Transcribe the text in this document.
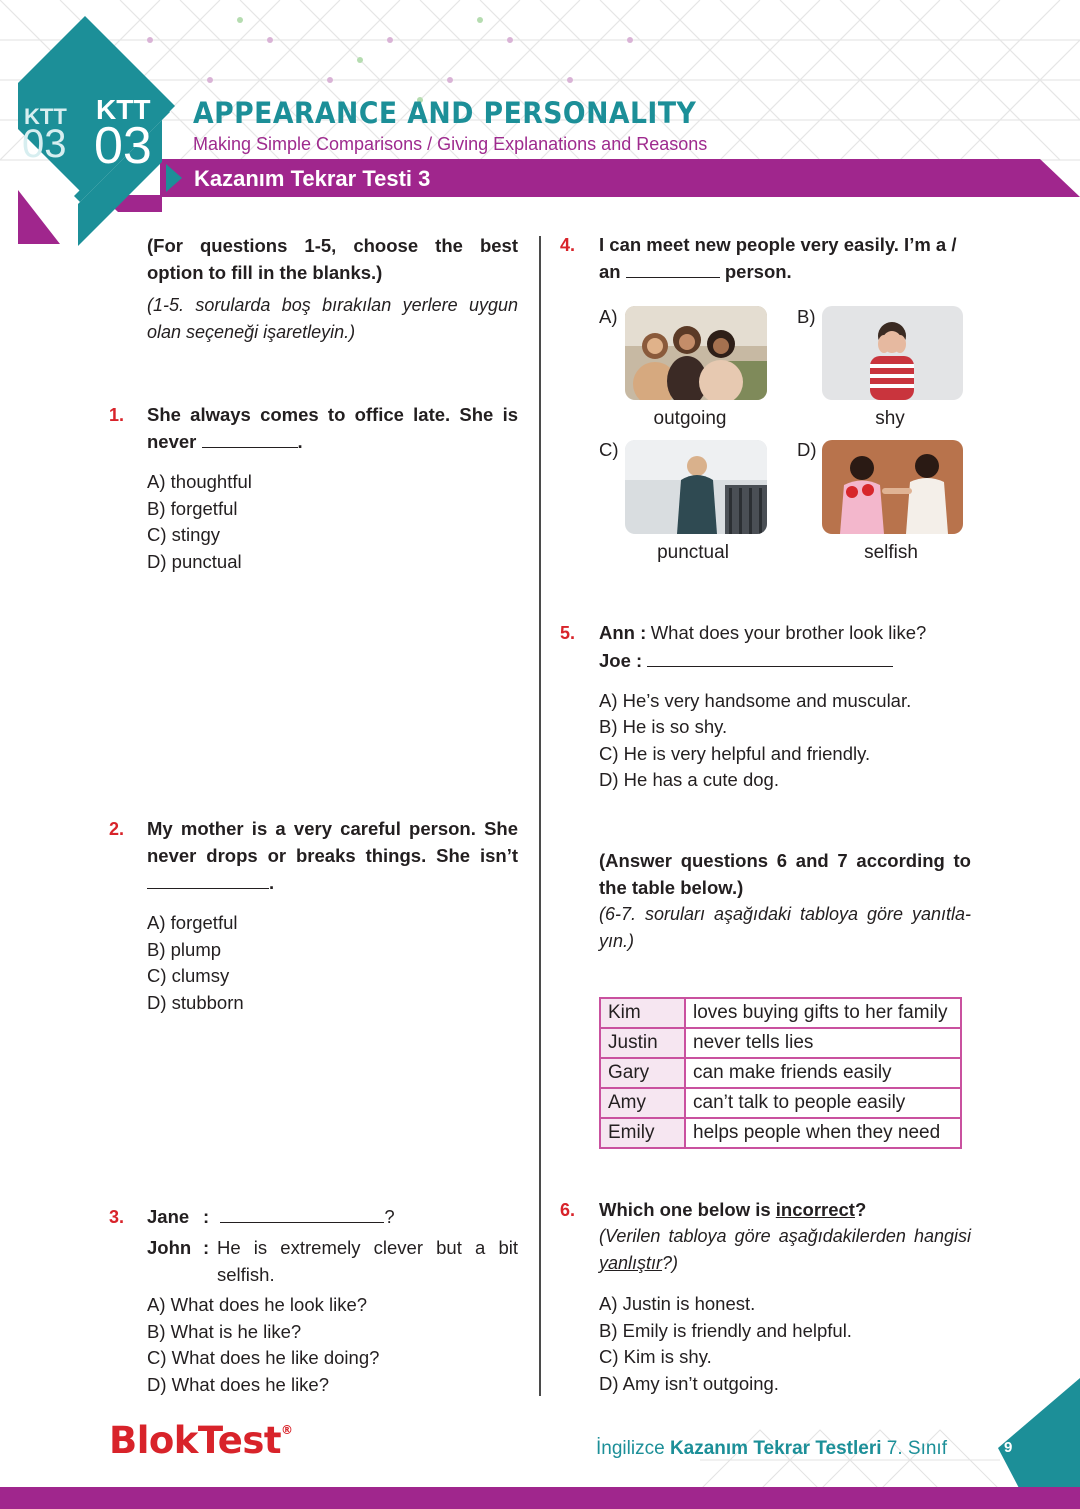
KTT
03
KTT
03
APPEARANCE AND PERSONALITY
Making Simple Comparisons / Giving Explanations and Reasons
Kazanım Tekrar Testi 3
(For questions 1-5, choose the best option to fill in the blanks.)
(1-5. sorularda boş bırakılan yerlere uygun olan seçeneği işaretleyin.)
1. She always comes to office late. She is
never	.
A) thoughtful
B) forgetful
C) stingy
D) punctual
2. My mother is a very careful person. She
never drops or breaks things. She isn’t
.
A) forgetful
B) plump
C) clumsy
D) stubborn
3. Jane :	?
John : He is extremely clever but a bit
selfish.
A) What does he look like?
B) What is he like?
C) What does he like doing?
D) What does he like?
4. I can meet new people very easily. I’m a /
an	person.
A)
outgoing
B)
shy
C)
punctual
D)
selfish
5. Ann : What does your brother look like?
Joe :
A) He’s very handsome and muscular.
B) He is so shy.
C) He is very helpful and friendly.
D) He has a cute dog.
(Answer questions 6 and 7 according to the table below.)
(6-7. soruları aşağıdaki tabloya göre yanıtla-
yın.)
Kim	loves buying gifts to her family
Justin	never tells lies
Gary	can make friends easily
Amy	can’t talk to people easily
Emily	helps people when they need
6. Which one below is incorrect?
(Verilen tabloya göre aşağıdakilerden hangisi
yanlıştır?)
A) Justin is honest.
B) Emily is friendly and helpful.
C) Kim is shy.
D) Amy isn’t outgoing.
BlokTest®
İngilizce Kazanım Tekrar Testleri 7. Sınıf	9
